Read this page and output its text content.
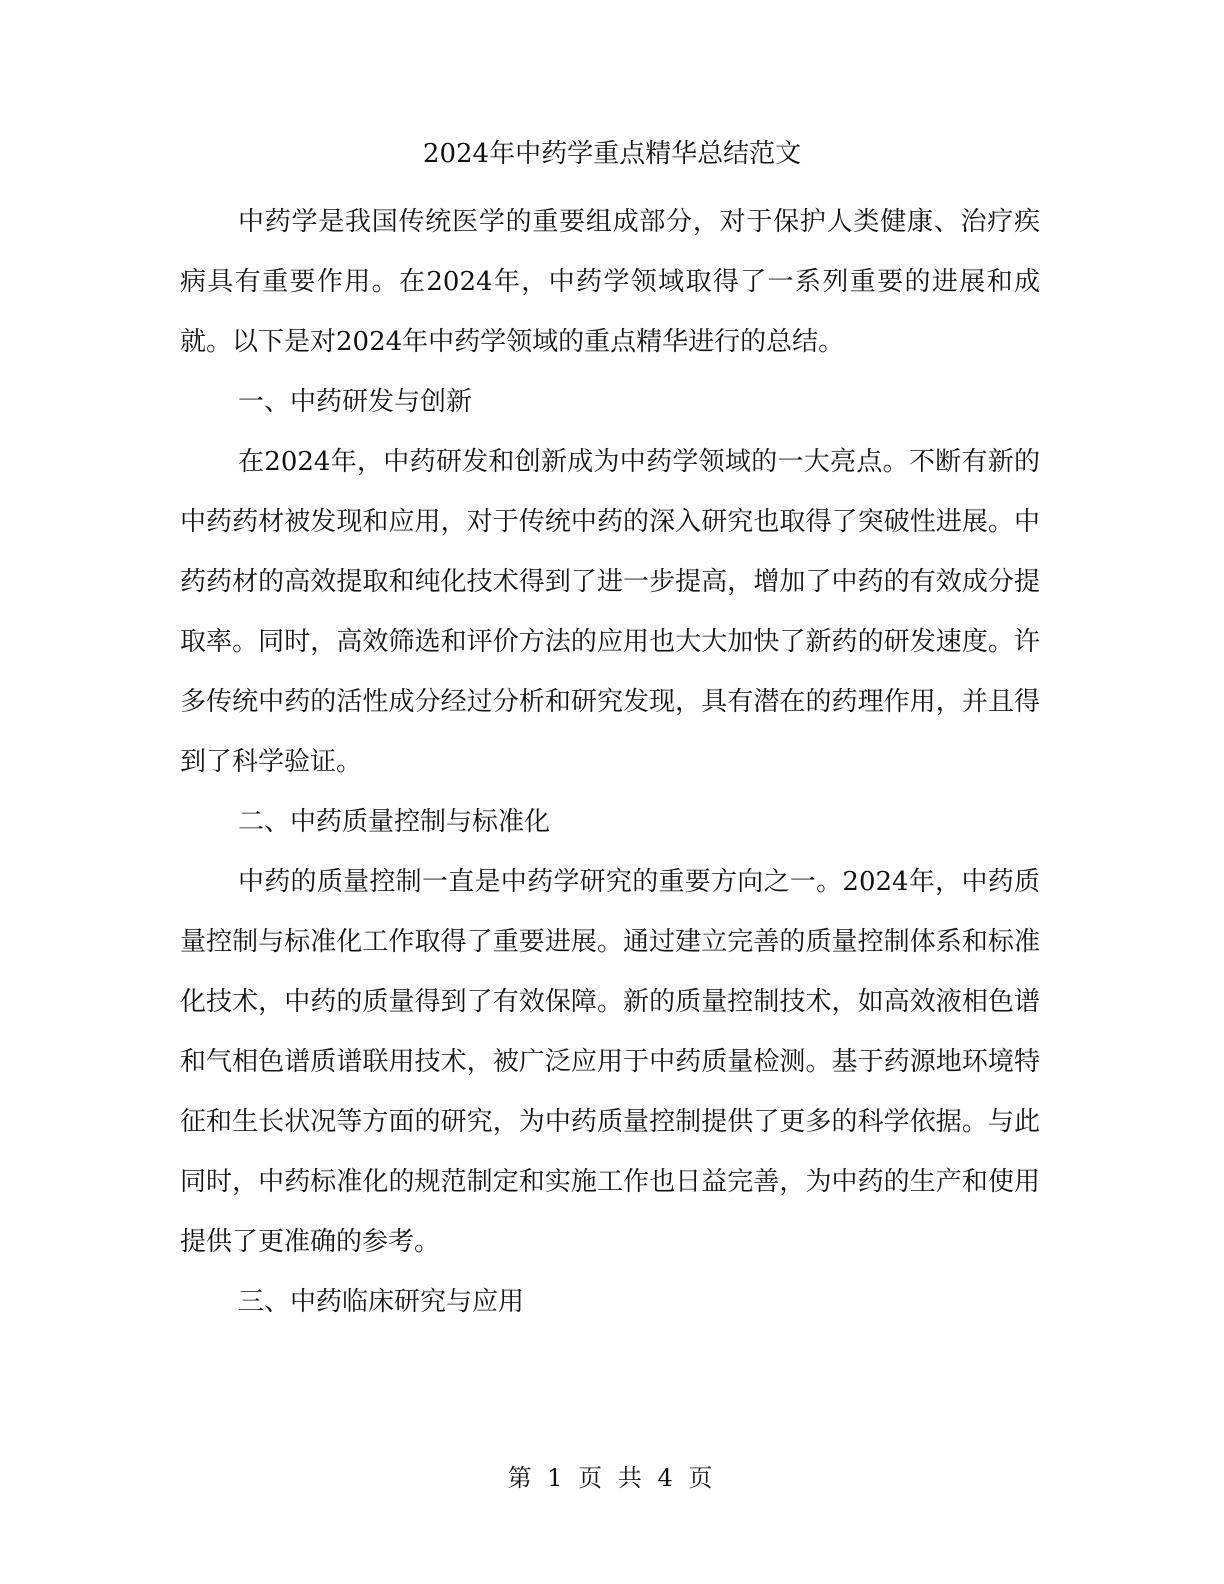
2024年中药学重点精华总结范文

中药学是我国传统医学的重要组成部分，对于保护人类健康、治疗疾病具有重要作用。在2024年，中药学领域取得了一系列重要的进展和成就。以下是对2024年中药学领域的重点精华进行的总结。

一、中药研发与创新

在2024年，中药研发和创新成为中药学领域的一大亮点。不断有新的中药药材被发现和应用，对于传统中药的深入研究也取得了突破性进展。中药药材的高效提取和纯化技术得到了进一步提高，增加了中药的有效成分提取率。同时，高效筛选和评价方法的应用也大大加快了新药的研发速度。许多传统中药的活性成分经过分析和研究发现，具有潜在的药理作用，并且得到了科学验证。

二、中药质量控制与标准化

中药的质量控制一直是中药学研究的重要方向之一。2024年，中药质量控制与标准化工作取得了重要进展。通过建立完善的质量控制体系和标准化技术，中药的质量得到了有效保障。新的质量控制技术，如高效液相色谱和气相色谱质谱联用技术，被广泛应用于中药质量检测。基于药源地环境特征和生长状况等方面的研究，为中药质量控制提供了更多的科学依据。与此同时，中药标准化的规范制定和实施工作也日益完善，为中药的生产和使用提供了更准确的参考。

三、中药临床研究与应用

第 1 页 共 4 页
